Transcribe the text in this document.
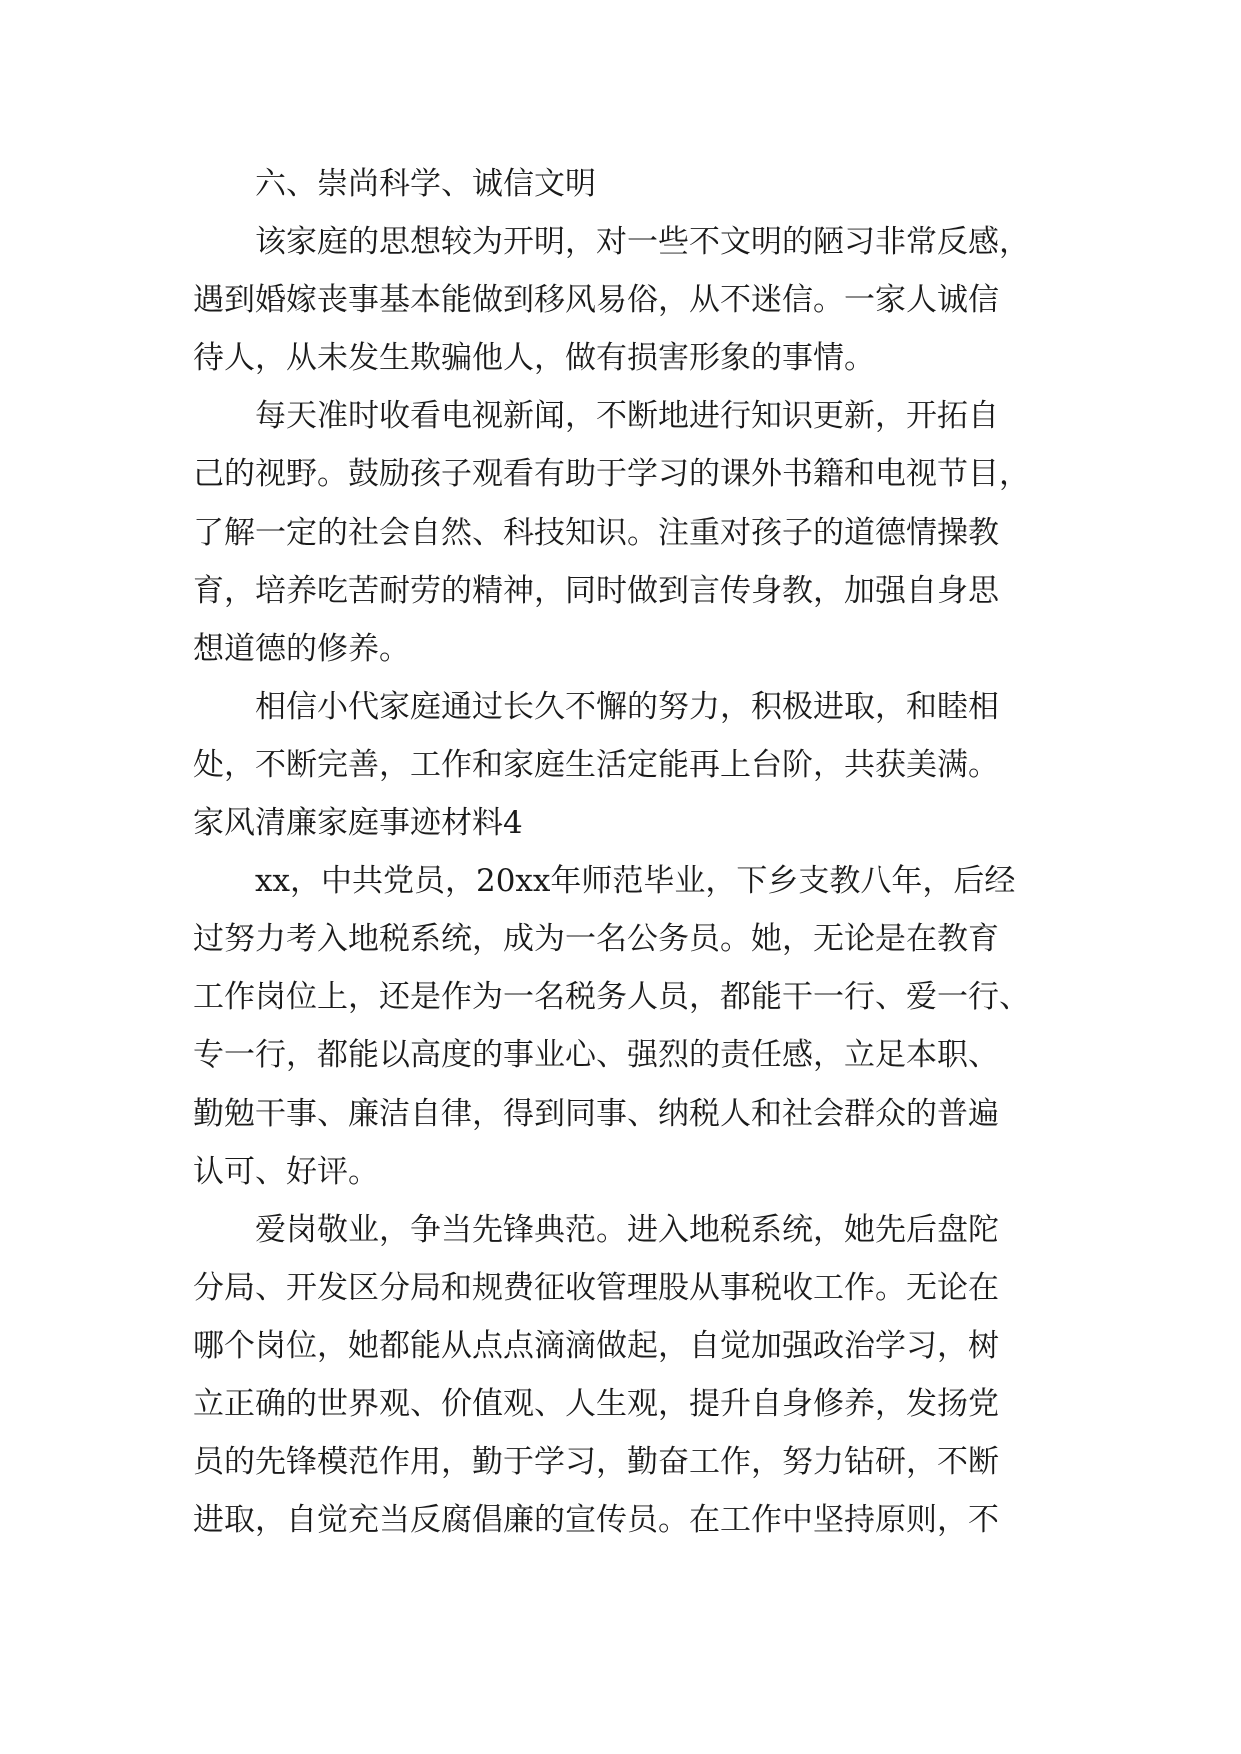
六、崇尚科学、诚信文明
该家庭的思想较为开明，对一些不文明的陋习非常反感，
遇到婚嫁丧事基本能做到移风易俗，从不迷信。一家人诚信
待人，从未发生欺骗他人，做有损害形象的事情。
每天准时收看电视新闻，不断地进行知识更新，开拓自
己的视野。鼓励孩子观看有助于学习的课外书籍和电视节目，
了解一定的社会自然、科技知识。注重对孩子的道德情操教
育，培养吃苦耐劳的精神，同时做到言传身教，加强自身思
想道德的修养。
相信小代家庭通过长久不懈的努力，积极进取，和睦相
处，不断完善，工作和家庭生活定能再上台阶，共获美满。
家风清廉家庭事迹材料4
xx，中共党员，20xx年师范毕业，下乡支教八年，后经
过努力考入地税系统，成为一名公务员。她，无论是在教育
工作岗位上，还是作为一名税务人员，都能干一行、爱一行、
专一行，都能以高度的事业心、强烈的责任感，立足本职、
勤勉干事、廉洁自律，得到同事、纳税人和社会群众的普遍
认可、好评。
爱岗敬业，争当先锋典范。进入地税系统，她先后盘陀
分局、开发区分局和规费征收管理股从事税收工作。无论在
哪个岗位，她都能从点点滴滴做起，自觉加强政治学习，树
立正确的世界观、价值观、人生观，提升自身修养，发扬党
员的先锋模范作用，勤于学习，勤奋工作，努力钻研，不断
进取，自觉充当反腐倡廉的宣传员。在工作中坚持原则，不
